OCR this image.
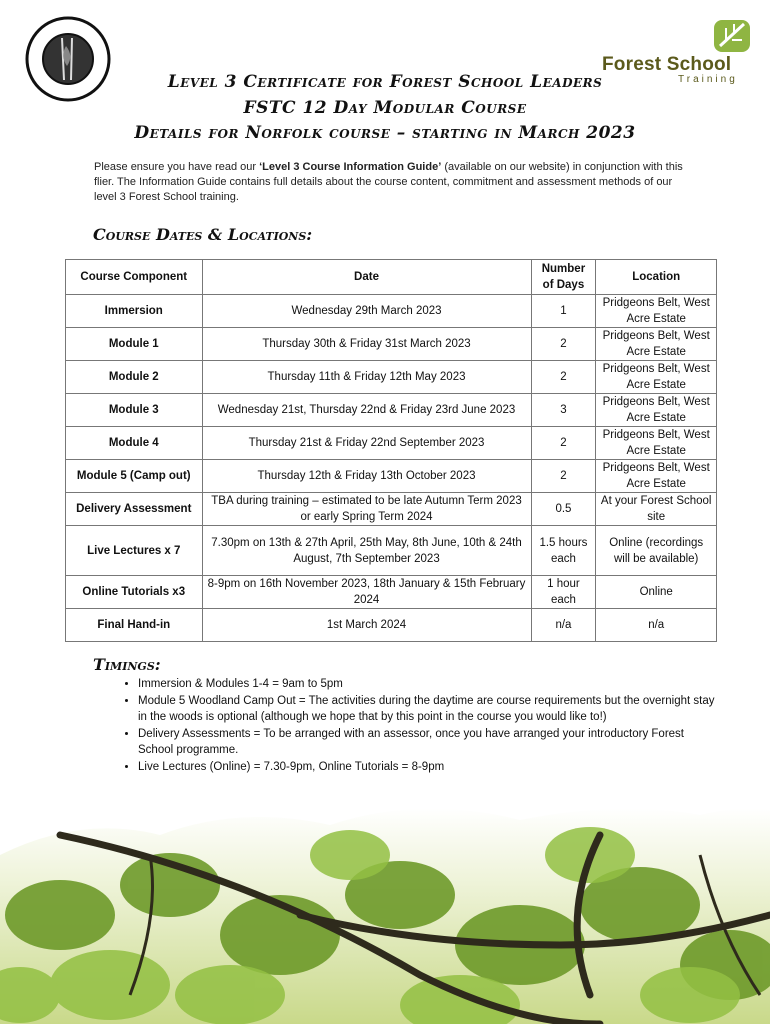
Forest School
Training
Level 3 Certificate for Forest School Leaders
FSTC 12 Day Modular Course
Details for Norfolk course – starting in March 2023
Please ensure you have read our ‘Level 3 Course Information Guide’ (available on our website) in conjunction with this flier. The Information Guide contains full details about the course content, commitment and assessment methods of our level 3 Forest School training.
Course Dates & Locations:
Course Component	Date	Number of Days	Location
Immersion	Wednesday 29th March 2023	1	Pridgeons Belt, West Acre Estate
Module 1	Thursday 30th & Friday 31st March 2023	2	Pridgeons Belt, West Acre Estate
Module 2	Thursday 11th & Friday 12th May 2023	2	Pridgeons Belt, West Acre Estate
Module 3	Wednesday 21st, Thursday 22nd & Friday 23rd June 2023	3	Pridgeons Belt, West Acre Estate
Module 4	Thursday 21st & Friday 22nd September 2023	2	Pridgeons Belt, West Acre Estate
Module 5 (Camp out)	Thursday 12th & Friday 13th October 2023	2	Pridgeons Belt, West Acre Estate
Delivery Assessment	TBA during training – estimated to be late Autumn Term 2023 or early Spring Term 2024	0.5	At your Forest School site
Live Lectures x 7	7.30pm on 13th & 27th April, 25th May, 8th June, 10th & 24th August, 7th September 2023	1.5 hours each	Online (recordings will be available)
Online Tutorials x3	8-9pm on 16th November 2023, 18th January & 15th February 2024	1 hour each	Online
Final Hand-in	1st March 2024	n/a	n/a
Timings:
• Immersion & Modules 1-4 = 9am to 5pm
• Module 5 Woodland Camp Out = The activities during the daytime are course requirements but the overnight stay in the woods is optional (although we hope that by this point in the course you would like to!)
• Delivery Assessments = To be arranged with an assessor, once you have arranged your introductory Forest School programme.
• Live Lectures (Online) = 7.30-9pm, Online Tutorials = 8-9pm
